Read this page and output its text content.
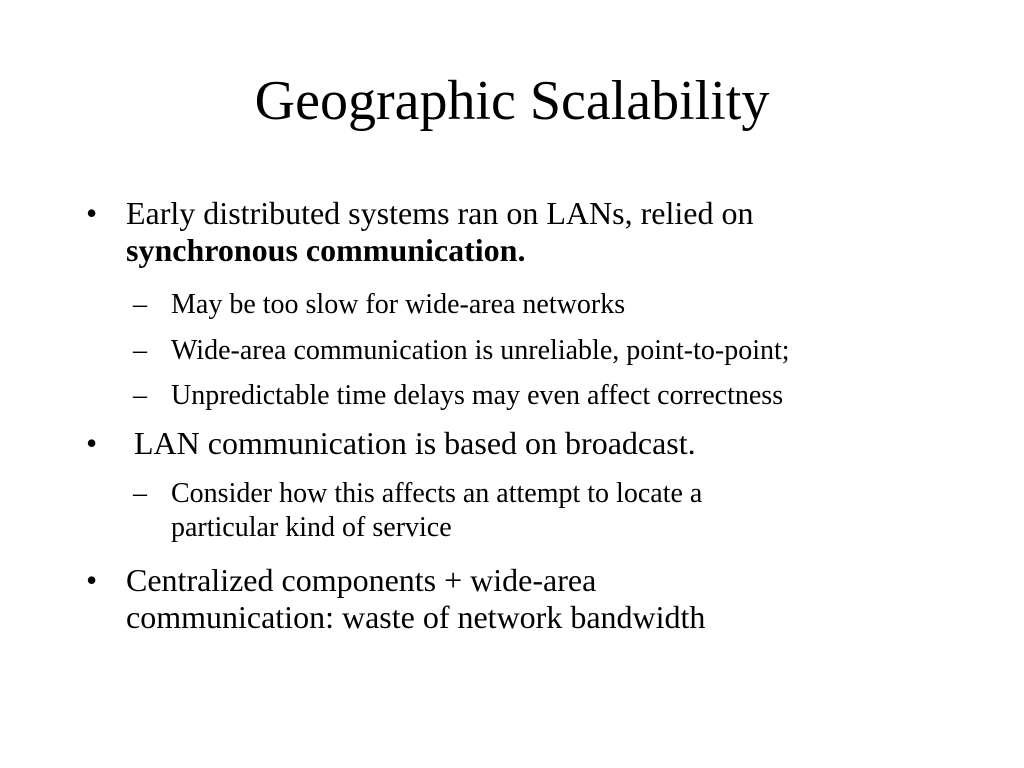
Geographic Scalability
• Early distributed systems ran on LANs, relied on
synchronous communication.
– May be too slow for wide-area networks
– Wide-area communication is unreliable, point-to-point;
– Unpredictable time delays may even affect correctness
• LAN communication is based on broadcast.
– Consider how this affects an attempt to locate a
particular kind of service
• Centralized components + wide-area
communication: waste of network bandwidth
